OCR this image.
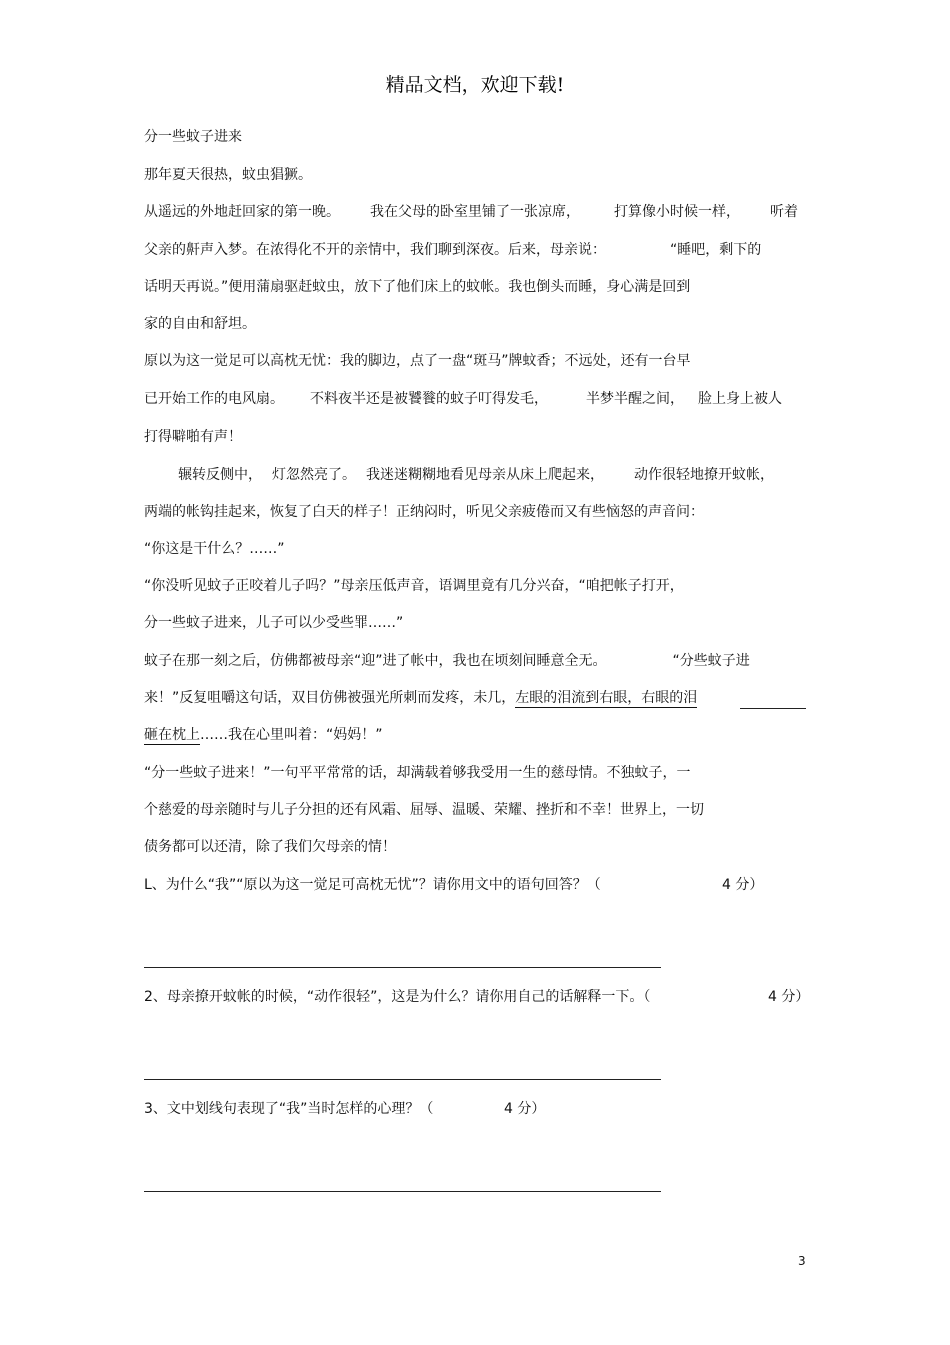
精品文档，欢迎下载!
分一些蚊子进来
那年夏天很热，蚊虫猖獗。
从遥远的外地赶回家的第一晚。 我在父母的卧室里铺了一张凉席， 打算像小时候一样， 听着
父亲的鼾声入梦。在浓得化不开的亲情中，我们聊到深夜。后来，母亲说：	“睡吧，剩下的
话明天再说。”便用蒲扇驱赶蚊虫，放下了他们床上的蚊帐。我也倒头而睡，身心满是回到
家的自由和舒坦。
原以为这一觉足可以高枕无忧：我的脚边，点了一盘“斑马”牌蚊香；不远处，还有一台早
已开始工作的电风扇。 不料夜半还是被饕餮的蚊子叮得发毛，	半梦半醒之间， 脸上身上被人
打得噼啪有声！
辗转反侧中， 灯忽然亮了。 我迷迷糊糊地看见母亲从床上爬起来， 动作很轻地撩开蚊帐，
两端的帐钩挂起来，恢复了白天的样子！正纳闷时，听见父亲疲倦而又有些恼怒的声音问：
“你这是干什么？……”
“你没听见蚊子正咬着儿子吗？”母亲压低声音，语调里竟有几分兴奋，“咱把帐子打开，
分一些蚊子进来，儿子可以少受些罪……”
蚊子在那一刻之后，仿佛都被母亲“迎”进了帐中，我也在顷刻间睡意全无。	“分些蚊子进
来！”反复咀嚼这句话，双目仿佛被强光所刺而发疼，未几，左眼的泪流到右眼，右眼的泪
砸在枕上……我在心里叫着：“妈妈！”
“分一些蚊子进来！”一句平平常常的话，却满载着够我受用一生的慈母情。不独蚊子，一
个慈爱的母亲随时与儿子分担的还有风霜、屈辱、温暖、荣耀、挫折和不幸！世界上，一切
债务都可以还清，除了我们欠母亲的情！
L、为什么“我”“原以为这一觉足可高枕无忧”？请你用文中的语句回答？（	4 分）
2、母亲撩开蚊帐的时候，“动作很轻”，这是为什么？请你用自己的话解释一下。（	4 分）
3、文中划线句表现了“我”当时怎样的心理？（	4 分）
3
